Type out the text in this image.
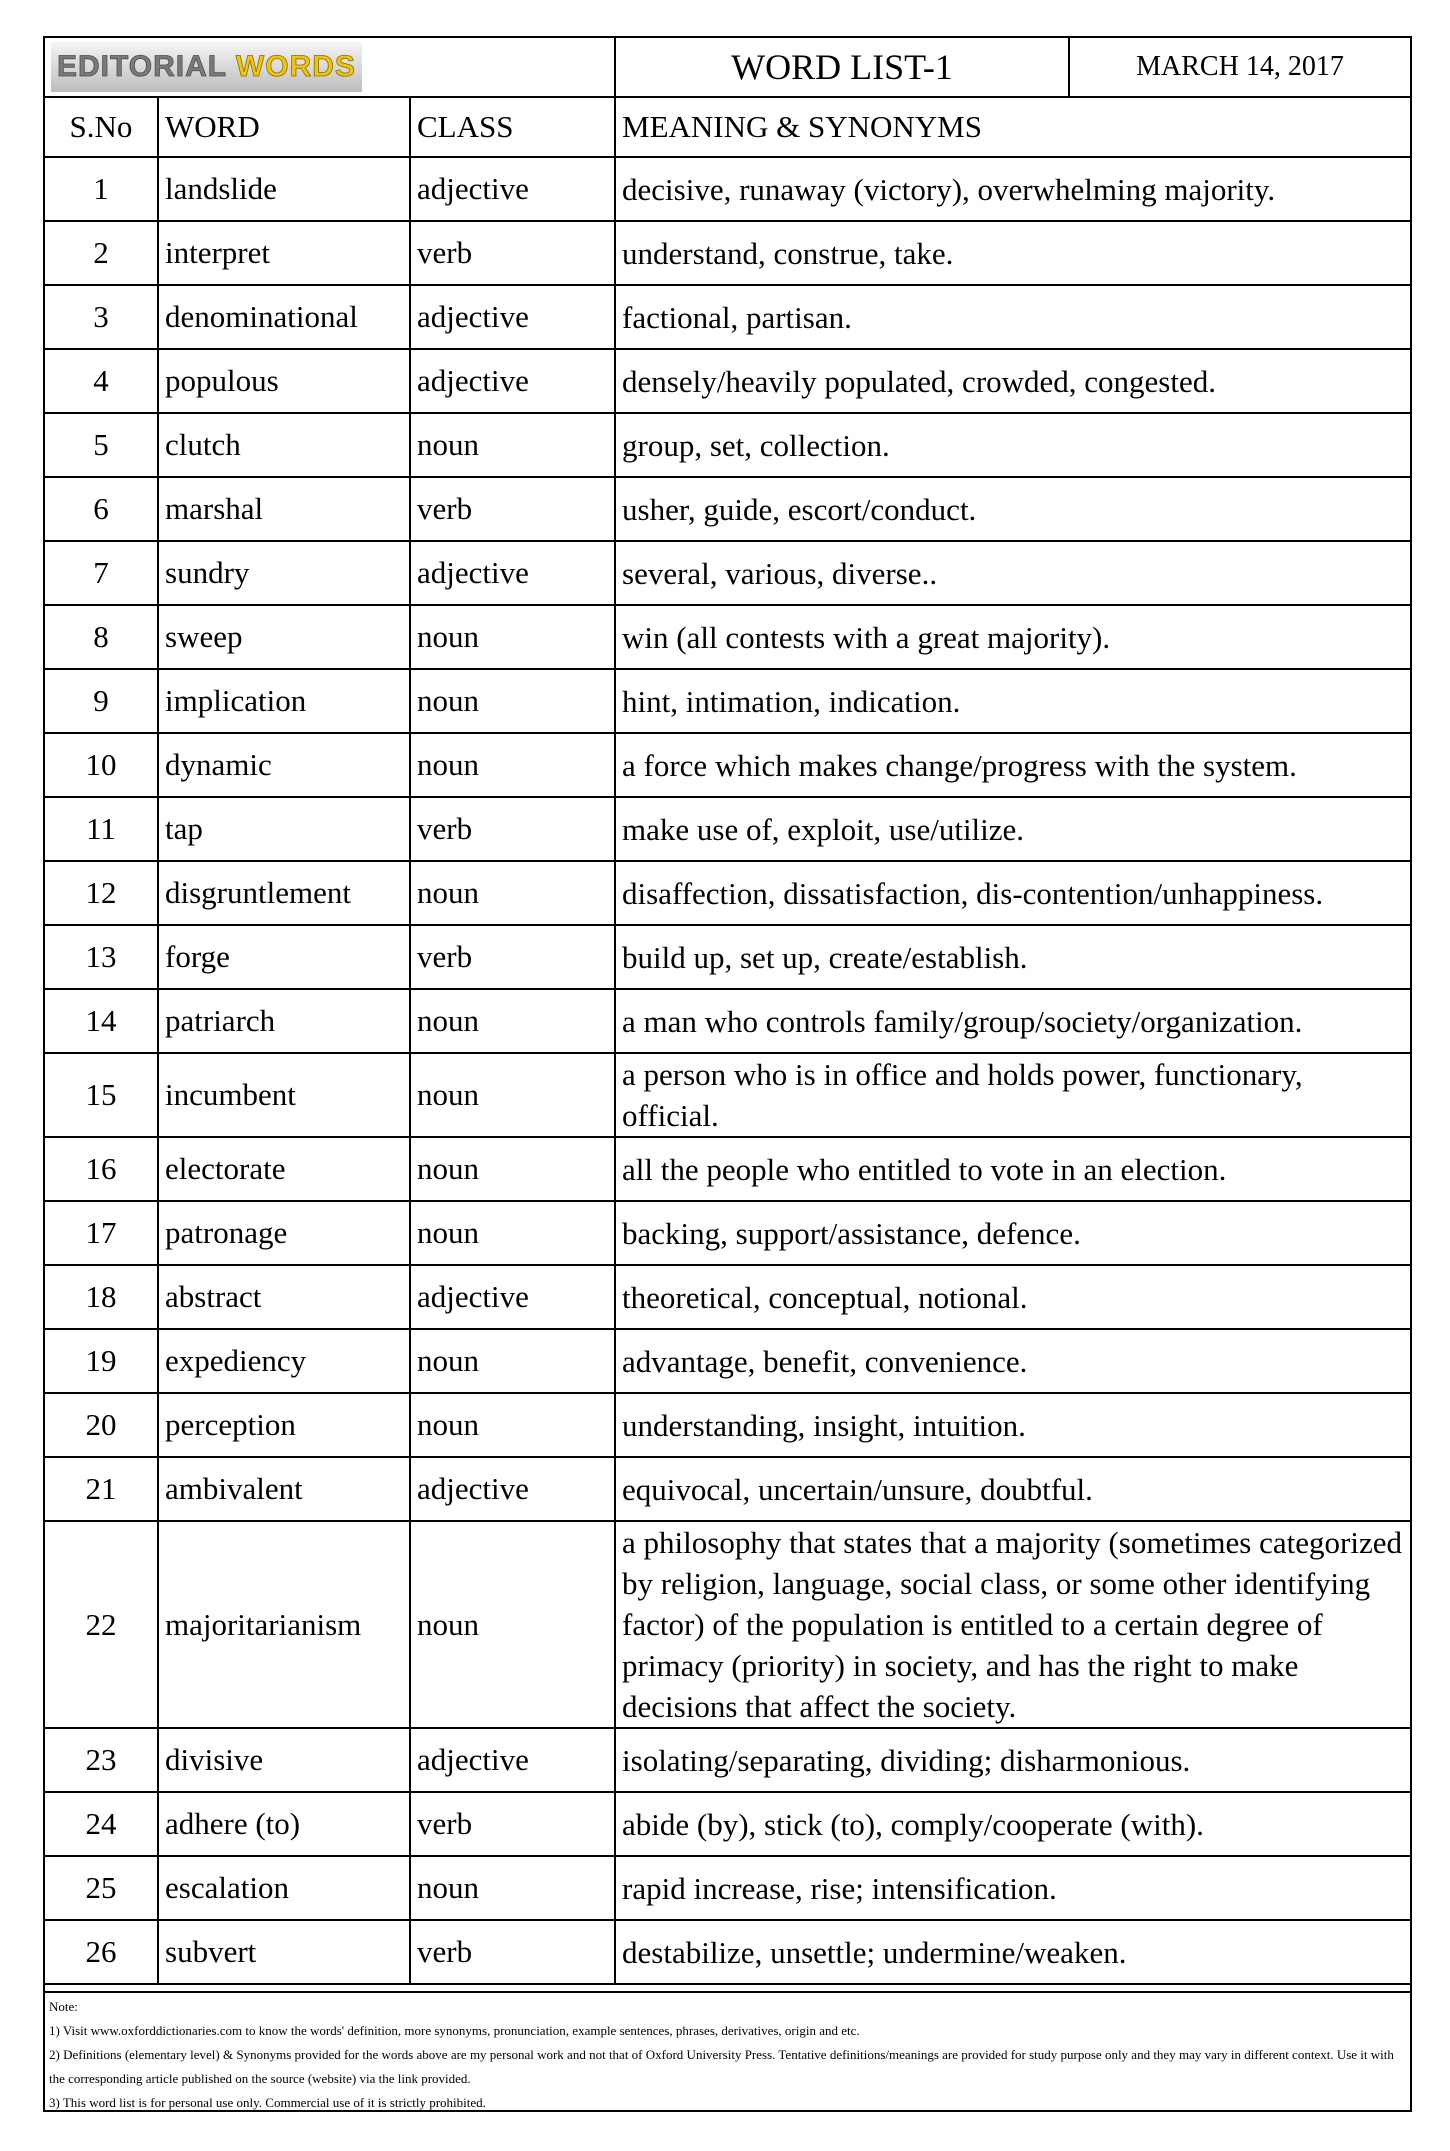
EDITORIAL WORDS			WORD LIST-1 MARCH 14, 2017

S.No	WORD	CLASS	MEANING & SYNONYMS
1	landslide	adjective	decisive, runaway (victory), overwhelming majority.
2	interpret	verb	understand, construe, take.
3	denominational	adjective	factional, partisan.
4	populous	adjective	densely/heavily populated, crowded, congested.
5	clutch	noun	group, set, collection.
6	marshal	verb	usher, guide, escort/conduct.
7	sundry	adjective	several, various, diverse..
8	sweep	noun	win (all contests with a great majority).
9	implication	noun	hint, intimation, indication.
10	dynamic	noun	a force which makes change/progress with the system.
11	tap	verb	make use of, exploit, use/utilize.
12	disgruntlement	noun	disaffection, dissatisfaction, dis-contention/unhappiness.
13	forge	verb	build up, set up, create/establish.
14	patriarch	noun	a man who controls family/group/society/organization.
15	incumbent	noun	a person who is in office and holds power, functionary, official.
16	electorate	noun	all the people who entitled to vote in an election.
17	patronage	noun	backing, support/assistance, defence.
18	abstract	adjective	theoretical, conceptual, notional.
19	expediency	noun	advantage, benefit, convenience.
20	perception	noun	understanding, insight, intuition.
21	ambivalent	adjective	equivocal, uncertain/unsure, doubtful.
22	majoritarianism	noun	a philosophy that states that a majority (sometimes categorized by religion, language, social class, or some other identifying factor) of the population is entitled to a certain degree of primacy (priority) in society, and has the right to make decisions that affect the society.
23	divisive	adjective	isolating/separating, dividing; disharmonious.
24	adhere (to)	verb	abide (by), stick (to), comply/cooperate (with).
25	escalation	noun	rapid increase, rise; intensification.
26	subvert	verb	destabilize, unsettle; undermine/weaken.
Note:
1) Visit www.oxforddictionaries.com to know the words' definition, more synonyms, pronunciation, example sentences, phrases, derivatives, origin and etc.
2) Definitions (elementary level) & Synonyms provided for the words above are my personal work and not that of Oxford University Press. Tentative definitions/meanings are provided for study purpose only and they may vary in different context. Use it with the corresponding article published on the source (website) via the link provided.
3) This word list is for personal use only. Commercial use of it is strictly prohibited.
